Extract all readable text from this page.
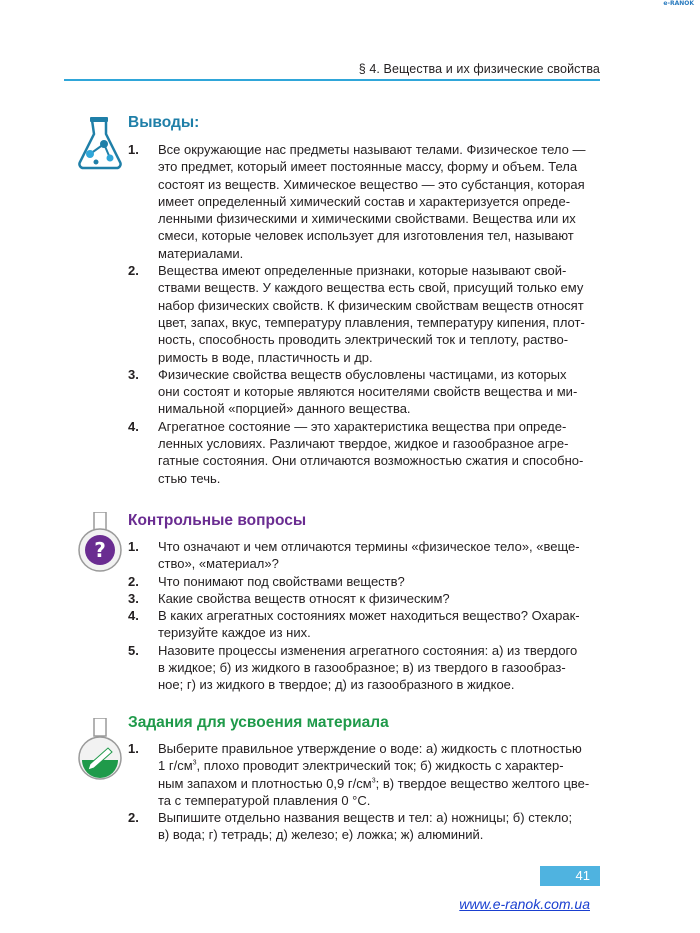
e-RANOK
§ 4. Вещества и их физические свойства
Выводы:
1. Все окружающие нас предметы называют телами. Физическое тело —
это предмет, который имеет постоянные массу, форму и объем. Тела
состоят из веществ. Химическое вещество — это субстанция, которая
имеет определенный химический состав и характеризуется опреде-
ленными физическими и химическими свойствами. Вещества или их
смеси, которые человек использует для изготовления тел, называют
материалами.
2. Вещества имеют определенные признаки, которые называют свой-
ствами веществ. У каждого вещества есть свой, присущий только ему
набор физических свойств. К физическим свойствам веществ относят
цвет, запах, вкус, температуру плавления, температуру кипения, плот-
ность, способность проводить электрический ток и теплоту, раство-
римость в воде, пластичность и др.
3. Физические свойства веществ обусловлены частицами, из которых
они состоят и которые являются носителями свойств вещества и ми-
нимальной «порцией» данного вещества.
4. Агрегатное состояние — это характеристика вещества при опреде-
ленных условиях. Различают твердое, жидкое и газообразное агре-
гатные состояния. Они отличаются возможностью сжатия и способно-
стью течь.
?
Контрольные вопросы
1. Что означают и чем отличаются термины «физическое тело», «веще-
ство», «материал»?
2. Что понимают под свойствами веществ?
3. Какие свойства веществ относят к физическим?
4. В каких агрегатных состояниях может находиться вещество? Охарак-
теризуйте каждое из них.
5. Назовите процессы изменения агрегатного состояния: а) из твердого
в жидкое; б) из жидкого в газообразное; в) из твердого в газообраз-
ное; г) из жидкого в твердое; д) из газообразного в жидкое.
Задания для усвоения материала
1. Выберите правильное утверждение о воде: а) жидкость с плотностью
1 $г/см^3$, плохо проводит электрический ток; б) жидкость с характер-
ным запахом и плотностью 0,9 $г/см^3$; в) твердое вещество желтого цве-
та с температурой плавления 0 °C.
2. Выпишите отдельно названия веществ и тел: а) ножницы; б) стекло;
в) вода; г) тетрадь; д) железо; е) ложка; ж) алюминий.
41
www.e-ranok.com.ua
